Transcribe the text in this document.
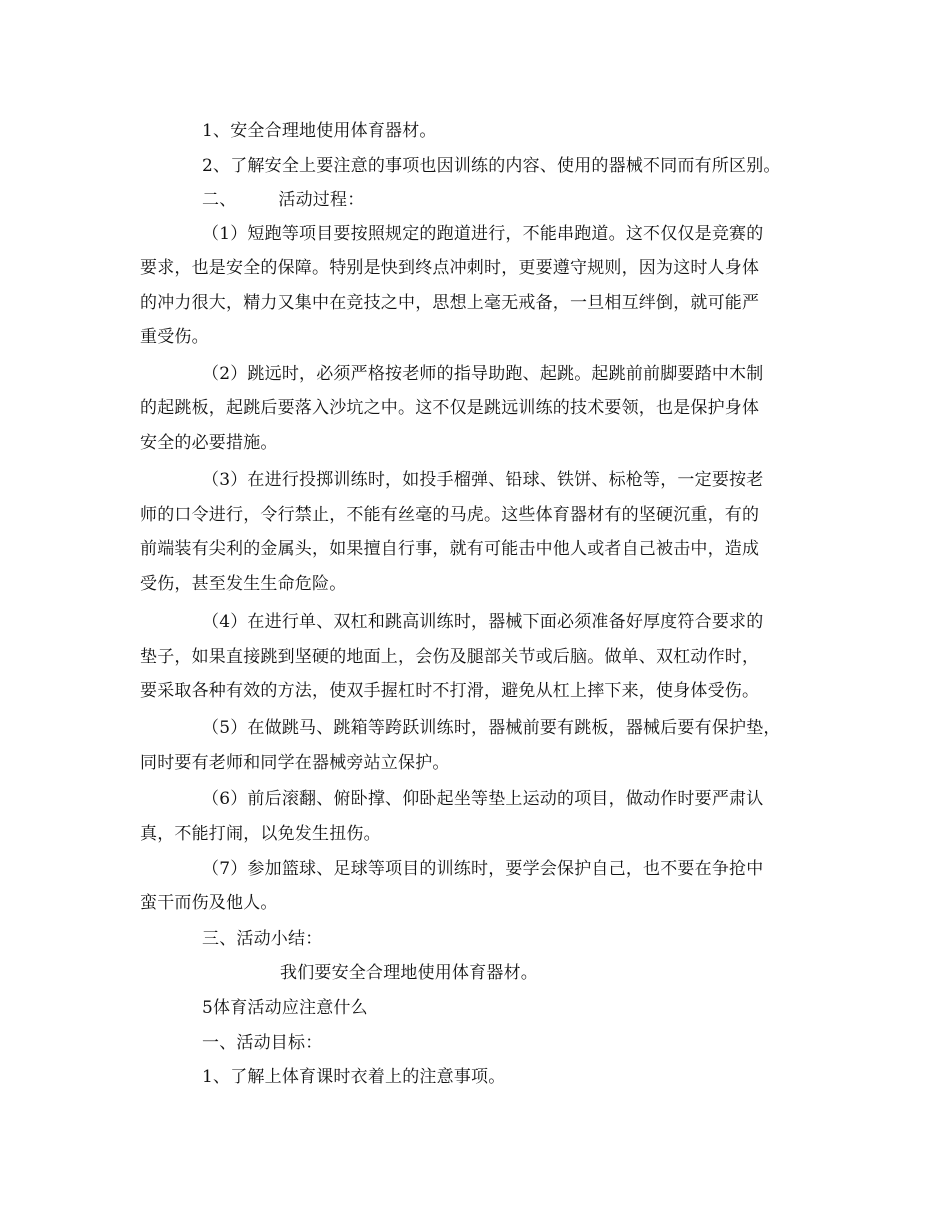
1、安全合理地使用体育器材。
2、了解安全上要注意的事项也因训练的内容、使用的器械不同而有所区别。
二、 活动过程：
（1）短跑等项目要按照规定的跑道进行，不能串跑道。这不仅仅是竞赛的
要求，也是安全的保障。特别是快到终点冲刺时，更要遵守规则，因为这时人身体
的冲力很大，精力又集中在竞技之中，思想上毫无戒备，一旦相互绊倒，就可能严
重受伤。
（2）跳远时，必须严格按老师的指导助跑、起跳。起跳前前脚要踏中木制
的起跳板，起跳后要落入沙坑之中。这不仅是跳远训练的技术要领，也是保护身体
安全的必要措施。
（3）在进行投掷训练时，如投手榴弹、铅球、铁饼、标枪等，一定要按老
师的口令进行，令行禁止，不能有丝毫的马虎。这些体育器材有的坚硬沉重，有的
前端装有尖利的金属头，如果擅自行事，就有可能击中他人或者自己被击中，造成
受伤，甚至发生生命危险。
（4）在进行单、双杠和跳高训练时，器械下面必须准备好厚度符合要求的
垫子，如果直接跳到坚硬的地面上，会伤及腿部关节或后脑。做单、双杠动作时，
要采取各种有效的方法，使双手握杠时不打滑，避免从杠上摔下来，使身体受伤。
（5）在做跳马、跳箱等跨跃训练时，器械前要有跳板，器械后要有保护垫，
同时要有老师和同学在器械旁站立保护。
（6）前后滚翻、俯卧撑、仰卧起坐等垫上运动的项目，做动作时要严肃认
真，不能打闹，以免发生扭伤。
（7）参加篮球、足球等项目的训练时，要学会保护自己，也不要在争抢中
蛮干而伤及他人。
三、活动小结：
我们要安全合理地使用体育器材。
5体育活动应注意什么
一、活动目标：
1、了解上体育课时衣着上的注意事项。
